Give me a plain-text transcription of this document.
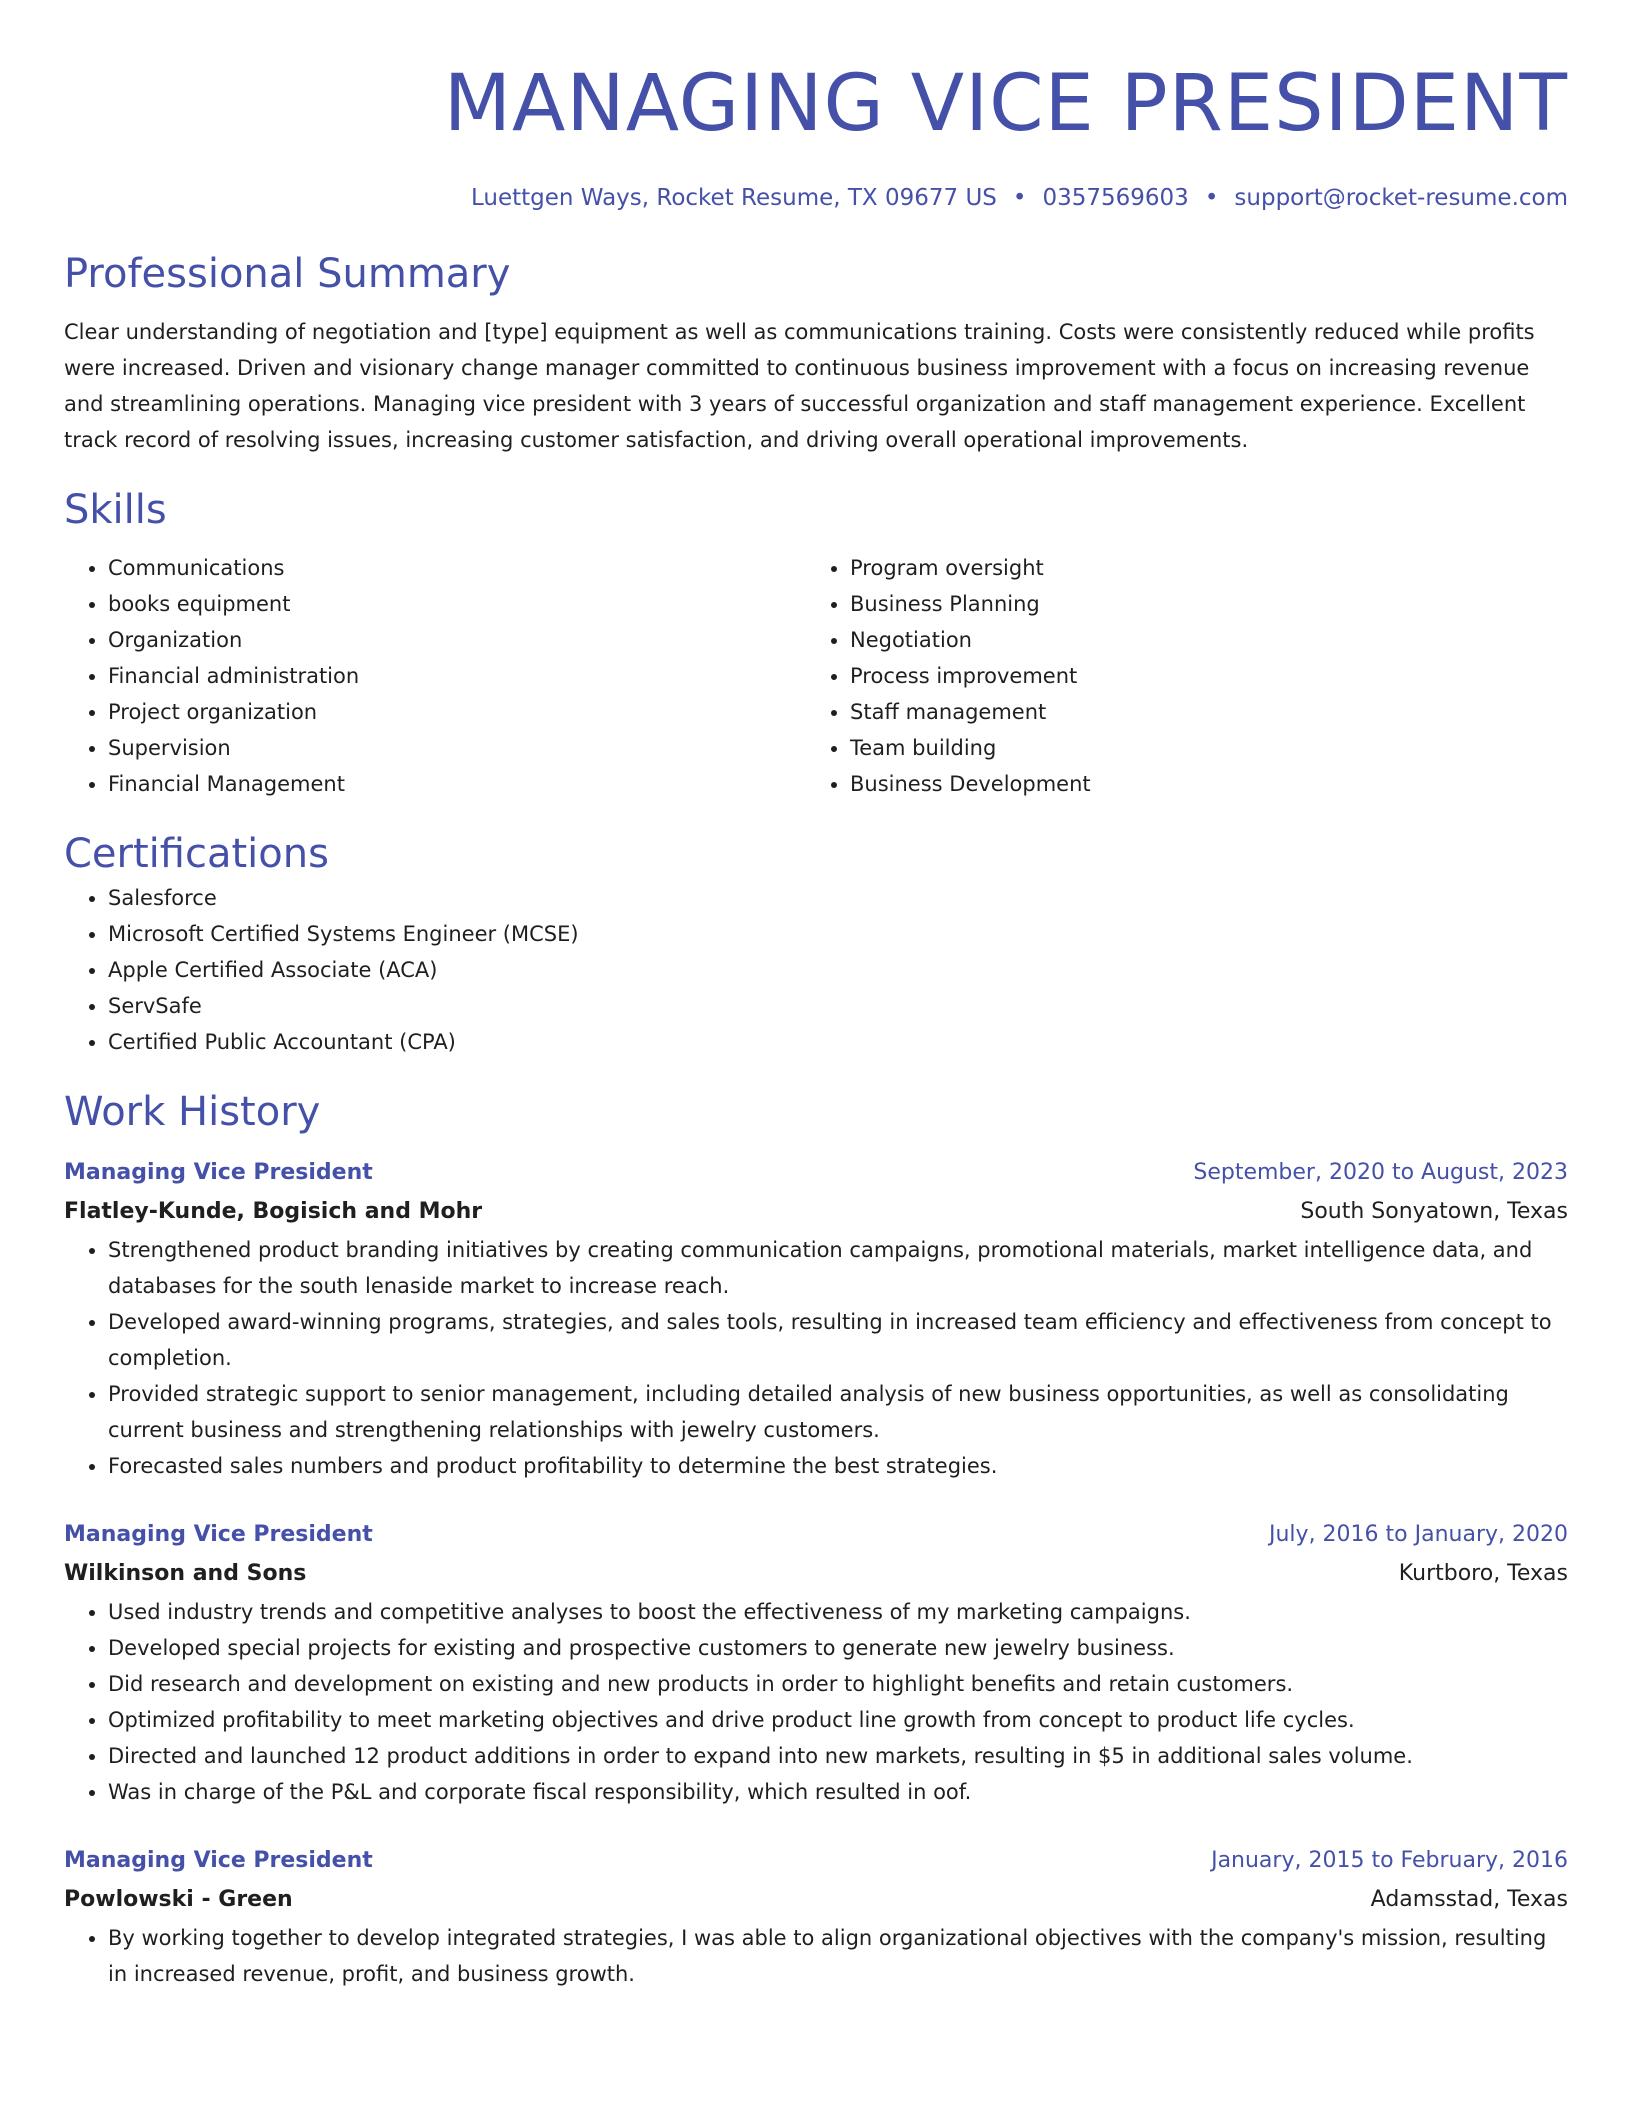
MANAGING VICE PRESIDENT
Luettgen Ways, Rocket Resume, TX 09677 US • 0357569603 • support@rocket-resume.com
Professional Summary

Clear understanding of negotiation and [type] equipment as well as communications training. Costs were consistently reduced while profits were increased. Driven and visionary change manager committed to continuous business improvement with a focus on increasing revenue and streamlining operations. Managing vice president with 3 years of successful organization and staff management experience. Excellent track record of resolving issues, increasing customer satisfaction, and driving overall operational improvements.

Skills
• Communications
• books equipment
• Organization
• Financial administration
• Project organization
• Supervision
• Financial Management
• Program oversight
• Business Planning
• Negotiation
• Process improvement
• Staff management
• Team building
• Business Development
Certifications
• Salesforce
• Microsoft Certified Systems Engineer (MCSE)
• Apple Certified Associate (ACA)
• ServSafe
• Certified Public Accountant (CPA)
Work History
Managing Vice President	September, 2020 to August, 2023
Flatley-Kunde, Bogisich and Mohr	South Sonyatown, Texas
• Strengthened product branding initiatives by creating communication campaigns, promotional materials, market intelligence data, and databases for the south lenaside market to increase reach.
• Developed award-winning programs, strategies, and sales tools, resulting in increased team efficiency and effectiveness from concept to completion.
• Provided strategic support to senior management, including detailed analysis of new business opportunities, as well as consolidating current business and strengthening relationships with jewelry customers.
• Forecasted sales numbers and product profitability to determine the best strategies.
Managing Vice President	July, 2016 to January, 2020
Wilkinson and Sons	Kurtboro, Texas
• Used industry trends and competitive analyses to boost the effectiveness of my marketing campaigns.
• Developed special projects for existing and prospective customers to generate new jewelry business.
• Did research and development on existing and new products in order to highlight benefits and retain customers.
• Optimized profitability to meet marketing objectives and drive product line growth from concept to product life cycles.
• Directed and launched 12 product additions in order to expand into new markets, resulting in $5 in additional sales volume.
• Was in charge of the P&L and corporate fiscal responsibility, which resulted in oof.
Managing Vice President	January, 2015 to February, 2016
Powlowski - Green	Adamsstad, Texas
• By working together to develop integrated strategies, I was able to align organizational objectives with the company's mission, resulting in increased revenue, profit, and business growth.
